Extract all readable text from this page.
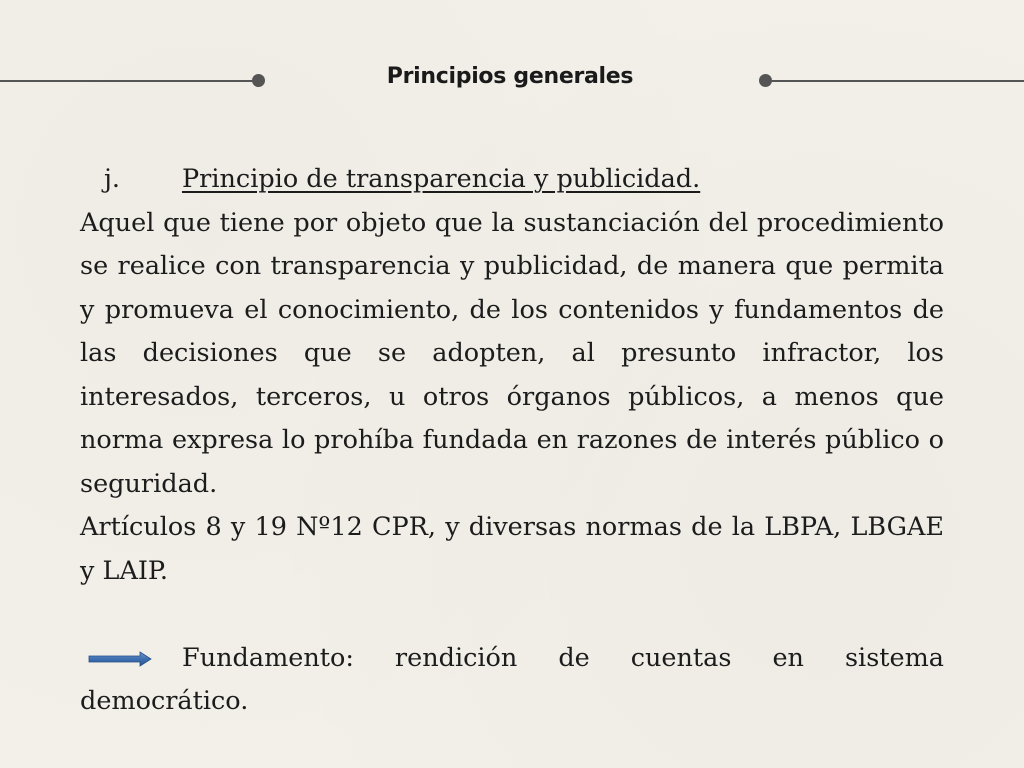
Principios generales
j. Principio de transparencia y publicidad.

Aquel que tiene por objeto que la sustanciación del procedimiento se realice con transparencia y publicidad, de manera que permita y promueva el conocimiento, de los contenidos y fundamentos de las decisiones que se adopten, al presunto infractor, los interesados, terceros, u otros órganos públicos, a menos que norma expresa lo prohíba fundada en razones de interés público o seguridad.

Artículos 8 y 19 Nº12 CPR, y diversas normas de la LBPA, LBGAE y LAIP.

Fundamento: rendición de cuentas en sistema democrático.
